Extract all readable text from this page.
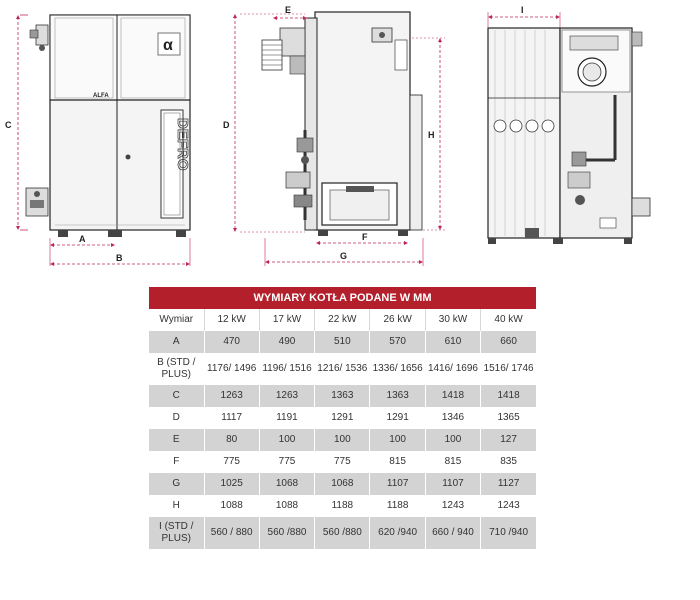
α
ALFA
DEFRO
C
A
B
E
D
H
F
G
I
WYMIARY KOTŁA PODANE W MM
Wymiar	12 kW	17 kW	22 kW	26 kW	30 kW	40 kW
A	470	490	510	570	610	660
B (STD / PLUS)	1176/ 1496	1196/ 1516	1216/ 1536	1336/ 1656	1416/ 1696	1516/ 1746
C	1263	1263	1363	1363	1418	1418
D	1117	1191	1291	1291	1346	1365
E	80	100	100	100	100	127
F	775	775	775	815	815	835
G	1025	1068	1068	1107	1107	1127
H	1088	1088	1188	1188	1243	1243
I (STD / PLUS)	560 / 880	560 /880	560 /880	620 /940	660 / 940	710 /940
